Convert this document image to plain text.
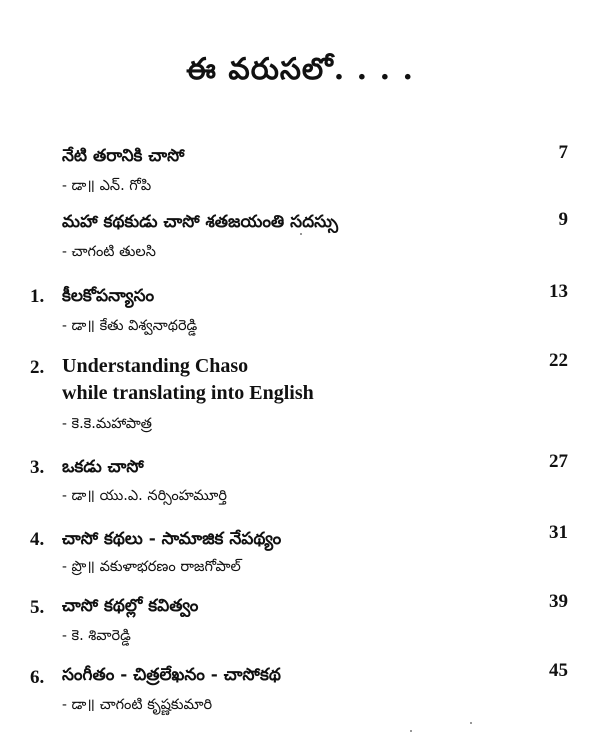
ఈ వరుసలో. . . .
నేటి తరానికి చాసో	7
- డా॥ ఎన్. గోపి
మహా కథకుడు చాసో శతజయంతి సదస్సు	9
- చాగంటి తులసి
1. కీలకోపన్యాసం	13
- డా॥ కేతు విశ్వనాథరెడ్డి
2. Understanding Chaso
while translating into English
22
- కె.కె.మహాపాత్ర
3. ఒకడు చాసో	27
- డా॥ యు.ఎ. నర్సింహమూర్తి
4. చాసో కథలు - సామాజిక నేపథ్యం	31
- ప్రొ॥ వకుళాభరణం రాజగోపాల్
5. చాసో కథల్లో కవిత్వం	39
- కె. శివారెడ్డి
6. సంగీతం - చిత్రలేఖనం - చాసోకథ	45
- డా॥ చాగంటి కృష్ణకుమారి
